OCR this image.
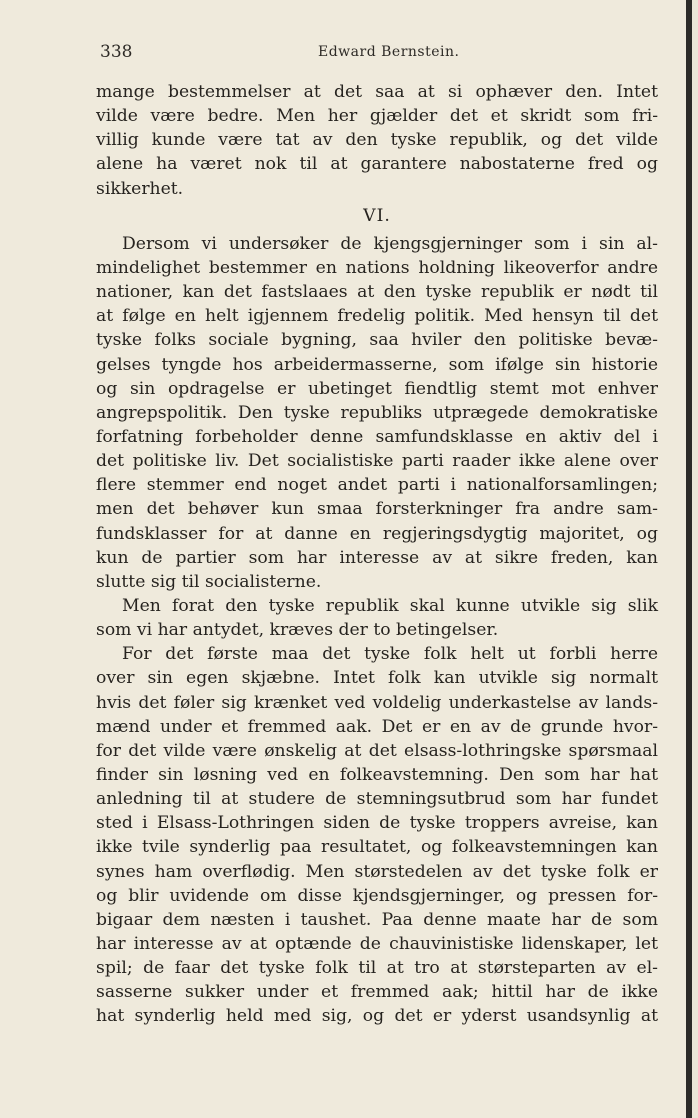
338	Edward Bernstein.
mange bestemmelser at det saa at si ophæver den. Intet
vilde være bedre. Men her gjælder det et skridt som fri-
villig kunde være tat av den tyske republik, og det vilde
alene ha været nok til at garantere nabostaterne fred og
sikkerhet.
VI.
Dersom vi undersøker de kjengsgjerninger som i sin al-
mindelighet bestemmer en nations holdning likeoverfor andre
nationer, kan det fastslaaes at den tyske republik er nødt til
at følge en helt igjennem fredelig politik. Med hensyn til det
tyske folks sociale bygning, saa hviler den politiske bevæ-
gelses tyngde hos arbeidermasserne, som ifølge sin historie
og sin opdragelse er ubetinget fiendtlig stemt mot enhver
angrepspolitik. Den tyske republiks utprægede demokratiske
forfatning forbeholder denne samfundsklasse en aktiv del i
det politiske liv. Det socialistiske parti raader ikke alene over
flere stemmer end noget andet parti i nationalforsamlingen;
men det behøver kun smaa forsterkninger fra andre sam-
fundsklasser for at danne en regjeringsdygtig majoritet, og
kun de partier som har interesse av at sikre freden, kan
slutte sig til socialisterne.
Men forat den tyske republik skal kunne utvikle sig slik
som vi har antydet, kræves der to betingelser.
For det første maa det tyske folk helt ut forbli herre
over sin egen skjæbne. Intet folk kan utvikle sig normalt
hvis det føler sig krænket ved voldelig underkastelse av lands-
mænd under et fremmed aak. Det er en av de grunde hvor-
for det vilde være ønskelig at det elsass-lothringske spørsmaal
finder sin løsning ved en folkeavstemning. Den som har hat
anledning til at studere de stemningsutbrud som har fundet
sted i Elsass-Lothringen siden de tyske troppers avreise, kan
ikke tvile synderlig paa resultatet, og folkeavstemningen kan
synes ham overflødig. Men størstedelen av det tyske folk er
og blir uvidende om disse kjendsgjerninger, og pressen for-
bigaar dem næsten i taushet. Paa denne maate har de som
har interesse av at optænde de chauvinistiske lidenskaper, let
spil; de faar det tyske folk til at tro at størsteparten av el-
sasserne sukker under et fremmed aak; hittil har de ikke
hat synderlig held med sig, og det er yderst usandsynlig at
